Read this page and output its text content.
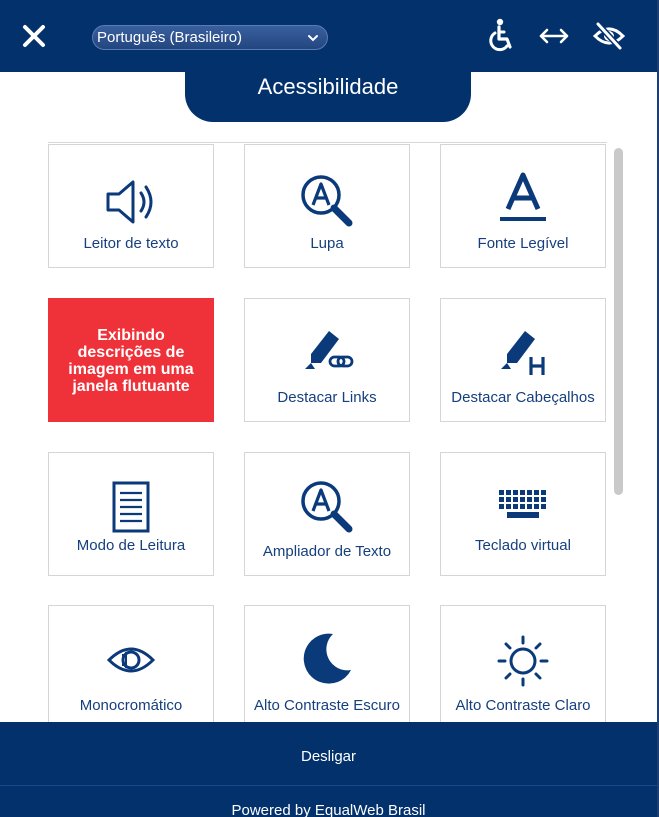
Português (Brasileiro)
Acessibilidade
Leitor de texto	Lupa	Fonte Legível
Exibindo descrições de imagem em uma janela flutuante
Destacar Links	Destacar Cabeçalhos
Modo de Leitura	Ampliador de Texto	Teclado virtual
Monocromático	Alto Contraste Escuro	Alto Contraste Claro
Desligar
Powered by EqualWeb Brasil
